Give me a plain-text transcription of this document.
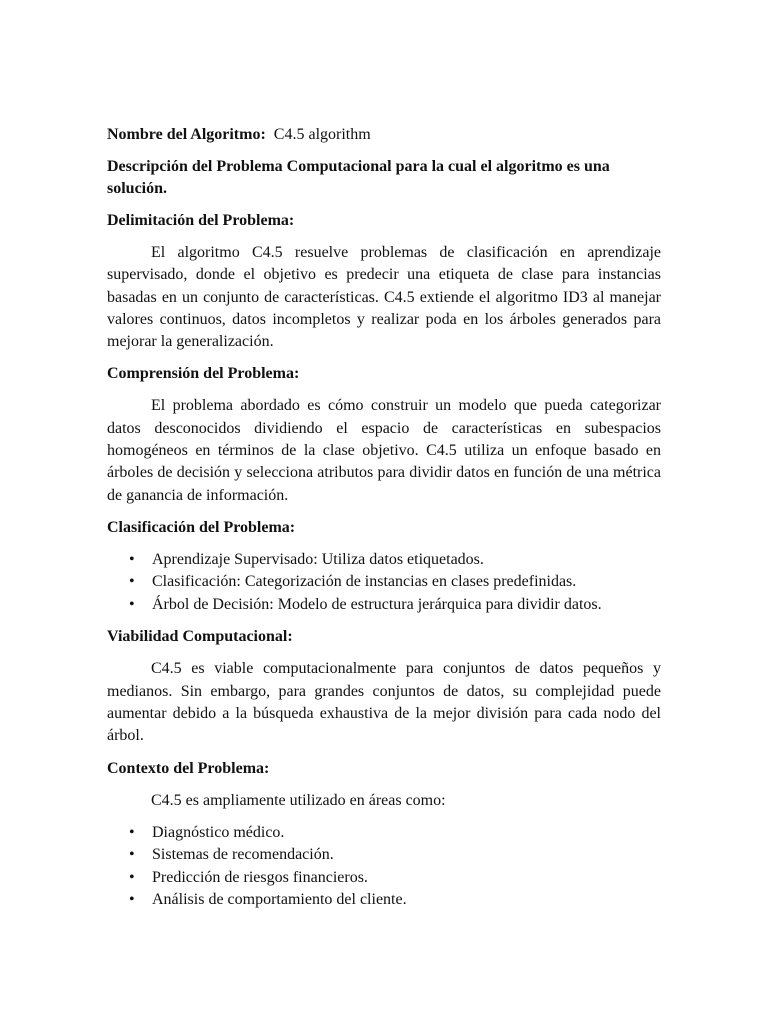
Nombre del Algoritmo: C4.5 algorithm

Descripción del Problema Computacional para la cual el algoritmo es una solución.

Delimitación del Problema:

El algoritmo C4.5 resuelve problemas de clasificación en aprendizaje supervisado, donde el objetivo es predecir una etiqueta de clase para instancias basadas en un conjunto de características. C4.5 extiende el algoritmo ID3 al manejar valores continuos, datos incompletos y realizar poda en los árboles generados para mejorar la generalización.

Comprensión del Problema:

El problema abordado es cómo construir un modelo que pueda categorizar datos desconocidos dividiendo el espacio de características en subespacios homogéneos en términos de la clase objetivo. C4.5 utiliza un enfoque basado en árboles de decisión y selecciona atributos para dividir datos en función de una métrica de ganancia de información.

Clasificación del Problema:

• Aprendizaje Supervisado: Utiliza datos etiquetados.
• Clasificación: Categorización de instancias en clases predefinidas.
• Árbol de Decisión: Modelo de estructura jerárquica para dividir datos.

Viabilidad Computacional:

C4.5 es viable computacionalmente para conjuntos de datos pequeños y medianos. Sin embargo, para grandes conjuntos de datos, su complejidad puede aumentar debido a la búsqueda exhaustiva de la mejor división para cada nodo del árbol.

Contexto del Problema:

C4.5 es ampliamente utilizado en áreas como:

• Diagnóstico médico.
• Sistemas de recomendación.
• Predicción de riesgos financieros.
• Análisis de comportamiento del cliente.
